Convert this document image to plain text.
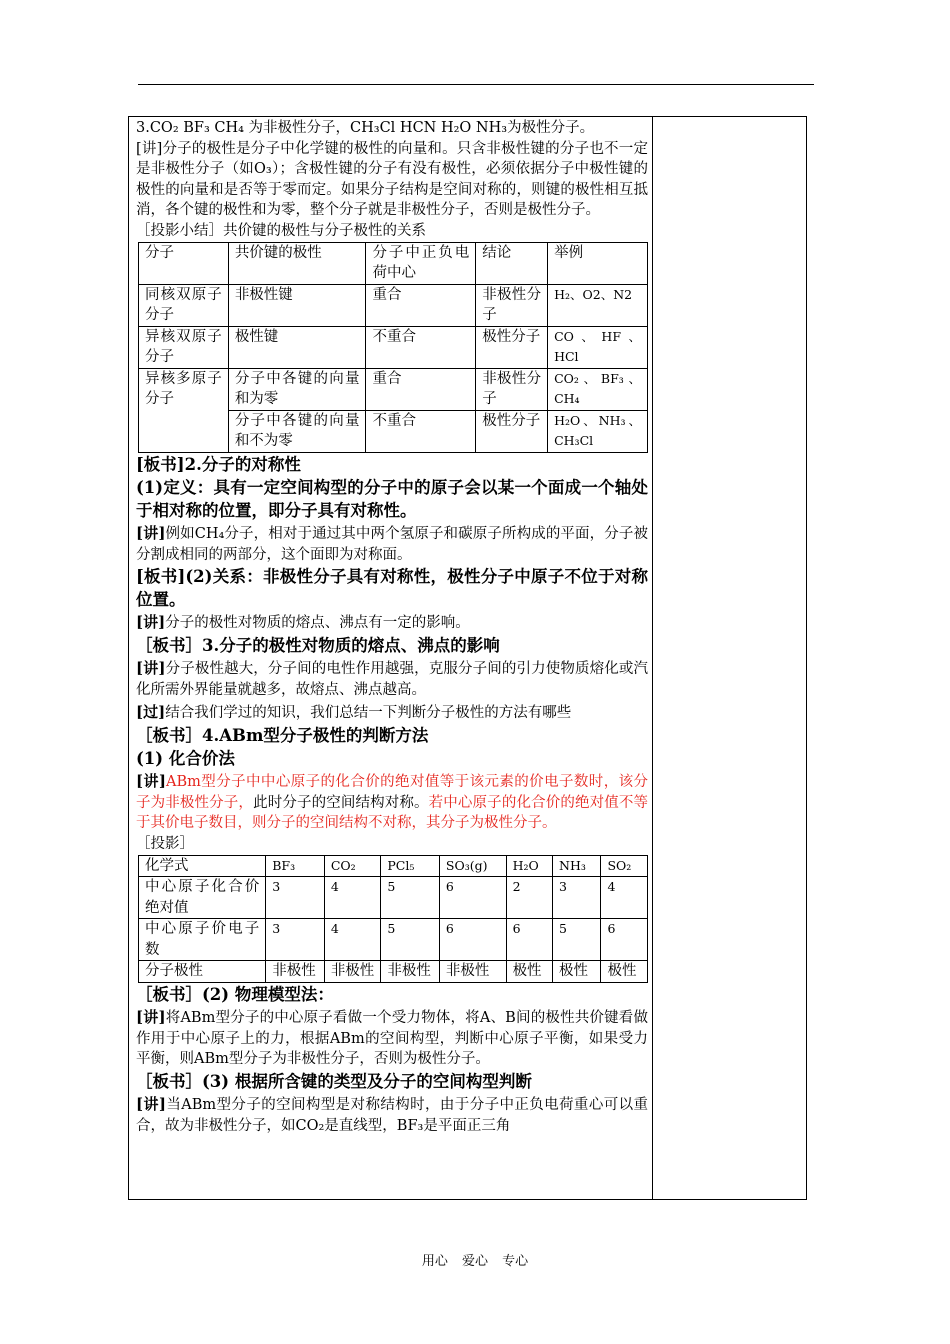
3.CO₂ BF₃ CH₄ 为非极性分子，CH₃Cl HCN H₂O NH₃为极性分子。

[讲]分子的极性是分子中化学键的极性的向量和。只含非极性键的分子也不一定是非极性分子（如O₃）；含极性键的分子有没有极性，必须依据分子中极性键的极性的向量和是否等于零而定。如果分子结构是空间对称的，则键的极性相互抵消，各个键的极性和为零，整个分子就是非极性分子，否则是极性分子。

［投影小结］共价键的极性与分子极性的关系

分子	共价键的极性	分子中正负电荷中心	结论	举例
同核双原子分子	非极性键	重合	非极性分子	H₂、O2、N2
异核双原子分子	极性键	不重合	极性分子	CO、HF、HCl
异核多原子分子	分子中各键的向量和为零	重合	非极性分子	CO₂、BF₃、CH₄
	分子中各键的向量和不为零	不重合	极性分子	H₂O、NH₃、CH₃Cl

[板书]2.分子的对称性

(1)定义：具有一定空间构型的分子中的原子会以某一个面成一个轴处于相对称的位置，即分子具有对称性。

[讲]例如CH₄分子，相对于通过其中两个氢原子和碳原子所构成的平面，分子被分割成相同的两部分，这个面即为对称面。

[板书](2)关系：非极性分子具有对称性，极性分子中原子不位于对称位置。

[讲]分子的极性对物质的熔点、沸点有一定的影响。

［板书］3.分子的极性对物质的熔点、沸点的影响

[讲]分子极性越大，分子间的电性作用越强，克服分子间的引力使物质熔化或汽化所需外界能量就越多，故熔点、沸点越高。

[过]结合我们学过的知识，我们总结一下判断分子极性的方法有哪些

［板书］4.ABm型分子极性的判断方法

(1) 化合价法

[讲]ABm型分子中中心原子的化合价的绝对值等于该元素的价电子数时，该分子为非极性分子，此时分子的空间结构对称。若中心原子的化合价的绝对值不等于其价电子数目，则分子的空间结构不对称，其分子为极性分子。

［投影］

化学式	BF₃	CO₂	PCl₅	SO₃(g)	H₂O	NH₃	SO₂
中心原子化合价绝对值	3	4	5	6	2	3	4
中心原子价电子数	3	4	5	6	6	5	6
分子极性	非极性	非极性	非极性	非极性	极性	极性	极性

［板书］(2) 物理模型法：

[讲]将ABm型分子的中心原子看做一个受力物体，将A、B间的极性共价键看做作用于中心原子上的力，根据ABm的空间构型，判断中心原子平衡，如果受力平衡，则ABm型分子为非极性分子，否则为极性分子。

［板书］(3) 根据所含键的类型及分子的空间构型判断

[讲]当ABm型分子的空间构型是对称结构时，由于分子中正负电荷重心可以重合，故为非极性分子，如CO₂是直线型，BF₃是平面正三角

用心 爱心 专心
